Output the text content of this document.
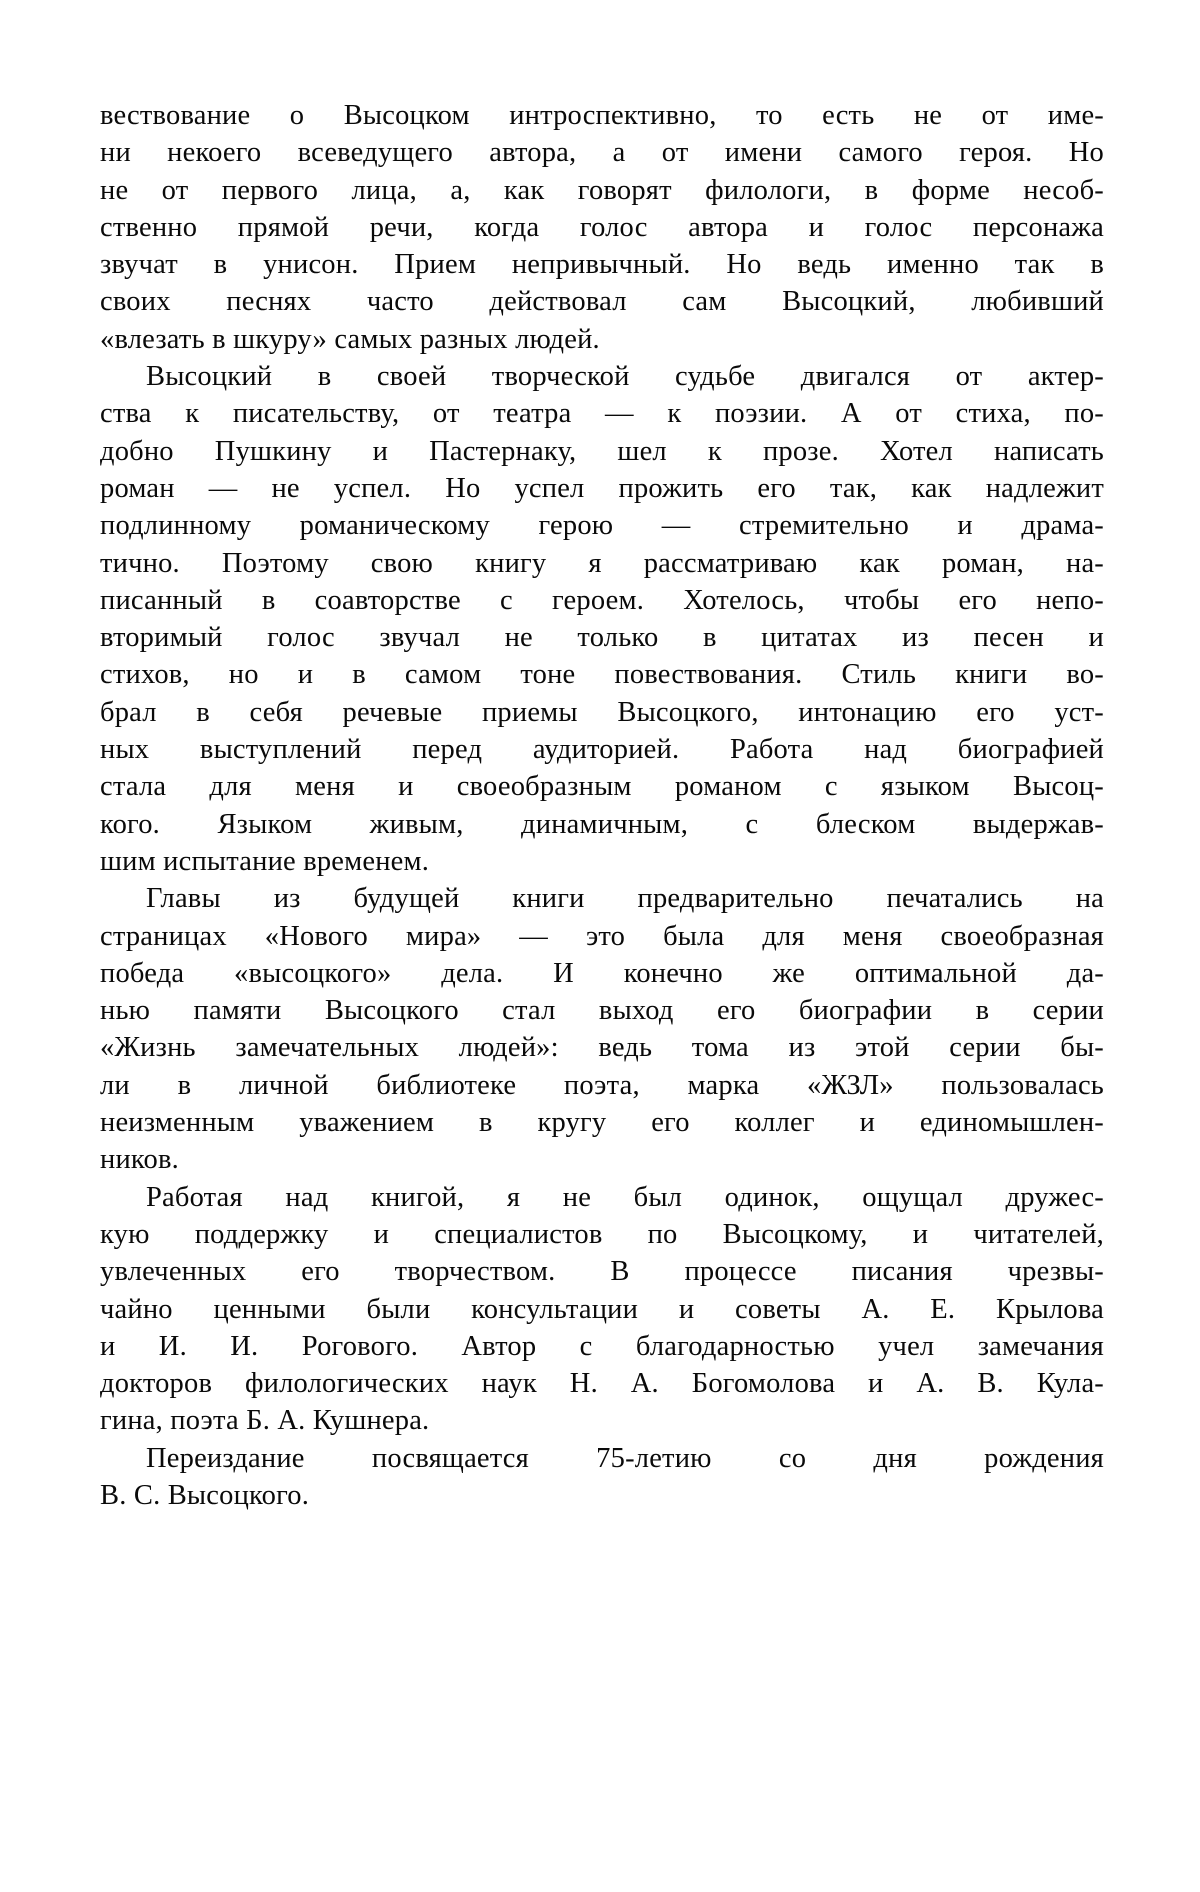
вествование о Высоцком интроспективно, то есть не от име-
ни некоего всеведущего автора, а от имени самого героя. Но
не от первого лица, а, как говорят филологи, в форме несоб-
ственно прямой речи, когда голос автора и голос персонажа
звучат в унисон. Прием непривычный. Но ведь именно так в
своих песнях часто действовал сам Высоцкий, любивший
«влезать в шкуру» самых разных людей.
Высоцкий в своей творческой судьбе двигался от актер-
ства к писательству, от театра — к поэзии. А от стиха, по-
добно Пушкину и Пастернаку, шел к прозе. Хотел написать
роман — не успел. Но успел прожить его так, как надлежит
подлинному романическому герою — стремительно и драма-
тично. Поэтому свою книгу я рассматриваю как роман, на-
писанный в соавторстве с героем. Хотелось, чтобы его непо-
вторимый голос звучал не только в цитатах из песен и
стихов, но и в самом тоне повествования. Стиль книги во-
брал в себя речевые приемы Высоцкого, интонацию его уст-
ных выступлений перед аудиторией. Работа над биографией
стала для меня и своеобразным романом с языком Высоц-
кого. Языком живым, динамичным, с блеском выдержав-
шим испытание временем.
Главы из будущей книги предварительно печатались на
страницах «Нового мира» — это была для меня своеобразная
победа «высоцкого» дела. И конечно же оптимальной да-
нью памяти Высоцкого стал выход его биографии в серии
«Жизнь замечательных людей»: ведь тома из этой серии бы-
ли в личной библиотеке поэта, марка «ЖЗЛ» пользовалась
неизменным уважением в кругу его коллег и единомышлен-
ников.
Работая над книгой, я не был одинок, ощущал дружес-
кую поддержку и специалистов по Высоцкому, и читателей,
увлеченных его творчеством. В процессе писания чрезвы-
чайно ценными были консультации и советы А. Е. Крылова
и И. И. Рогового. Автор с благодарностью учел замечания
докторов филологических наук Н. А. Богомолова и А. В. Кула-
гина, поэта Б. А. Кушнера.
Переиздание посвящается 75-летию со дня рождения
В. С. Высоцкого.
